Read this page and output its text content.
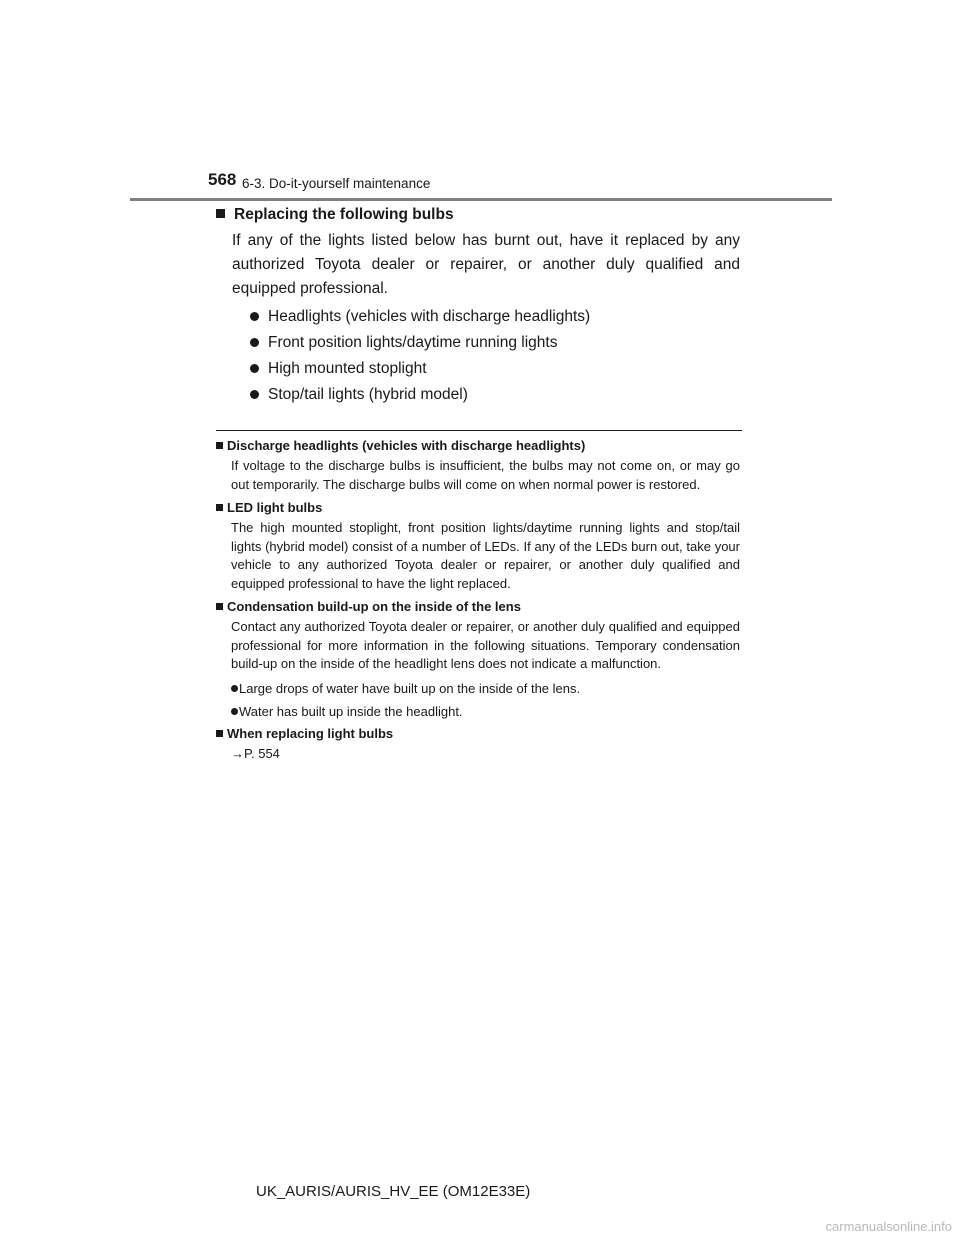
568 6-3. Do-it-yourself maintenance
Replacing the following bulbs

If any of the lights listed below has burnt out, have it replaced by any authorized Toyota dealer or repairer, or another duly qualified and equipped professional.

Headlights (vehicles with discharge headlights)
Front position lights/daytime running lights
High mounted stoplight
Stop/tail lights (hybrid model)
Discharge headlights (vehicles with discharge headlights)

If voltage to the discharge bulbs is insufficient, the bulbs may not come on, or may go out temporarily. The discharge bulbs will come on when normal power is restored.

LED light bulbs

The high mounted stoplight, front position lights/daytime running lights and stop/tail lights (hybrid model) consist of a number of LEDs. If any of the LEDs burn out, take your vehicle to any authorized Toyota dealer or repairer, or another duly qualified and equipped professional to have the light replaced.

Condensation build-up on the inside of the lens

Contact any authorized Toyota dealer or repairer, or another duly qualified and equipped professional for more information in the following situations. Temporary condensation build-up on the inside of the headlight lens does not indicate a malfunction.

Large drops of water have built up on the inside of the lens.
Water has built up inside the headlight.
When replacing light bulbs
→P. 554
UK_AURIS/AURIS_HV_EE (OM12E33E)
carmanualsonline.info
